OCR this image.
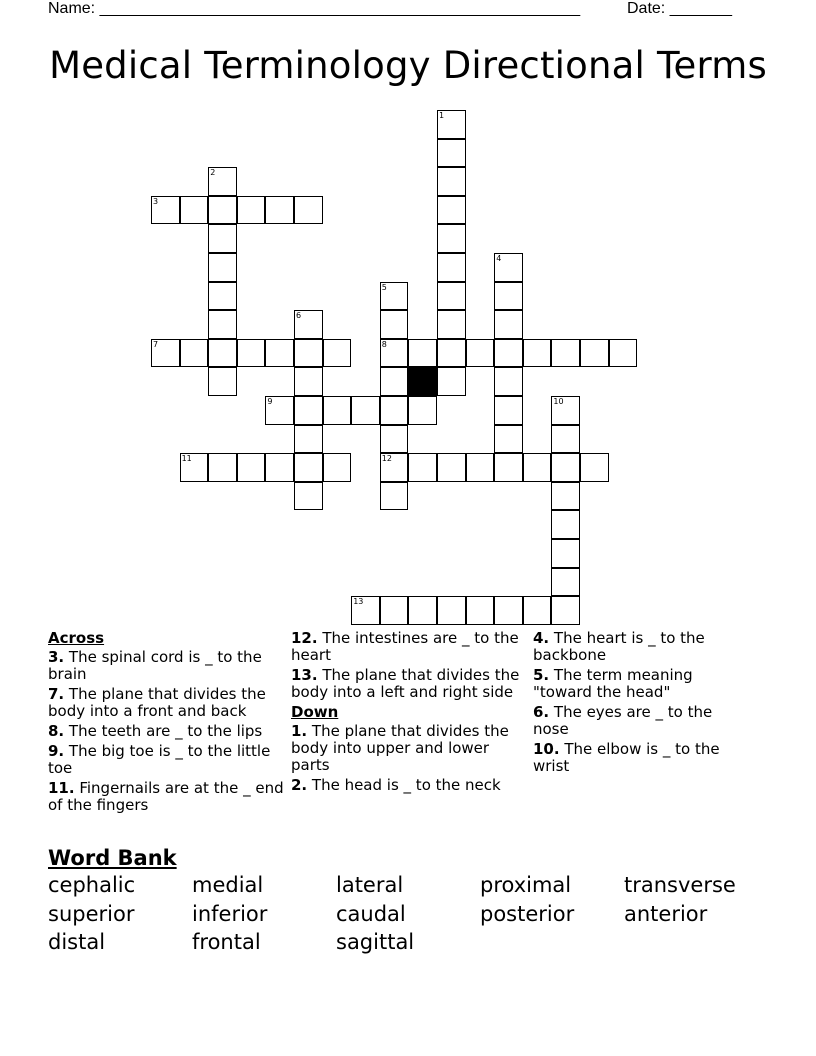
Name: ______________________________________________________	Date: _______
Medical Terminology Directional Terms
1
2
3
4
5
8
12
6
7
9	10
11
13
Across
3. The spinal cord is _ to the brain
7. The plane that divides the body into a front and back
8. The teeth are _ to the lips
9. The big toe is _ to the little toe
11. Fingernails are at the _ end of the fingers
12. The intestines are _ to the heart
13. The plane that divides the body into a left and right side
Down
1. The plane that divides the body into upper and lower parts
2. The head is _ to the neck
4. The heart is _ to the backbone
5. The term meaning "toward the head"
6. The eyes are _ to the nose
10. The elbow is _ to the wrist
Word Bank
cephalic	medial	lateral	proximal	transverse
superior	inferior	caudal	posterior anterior
distal	frontal	sagittal
